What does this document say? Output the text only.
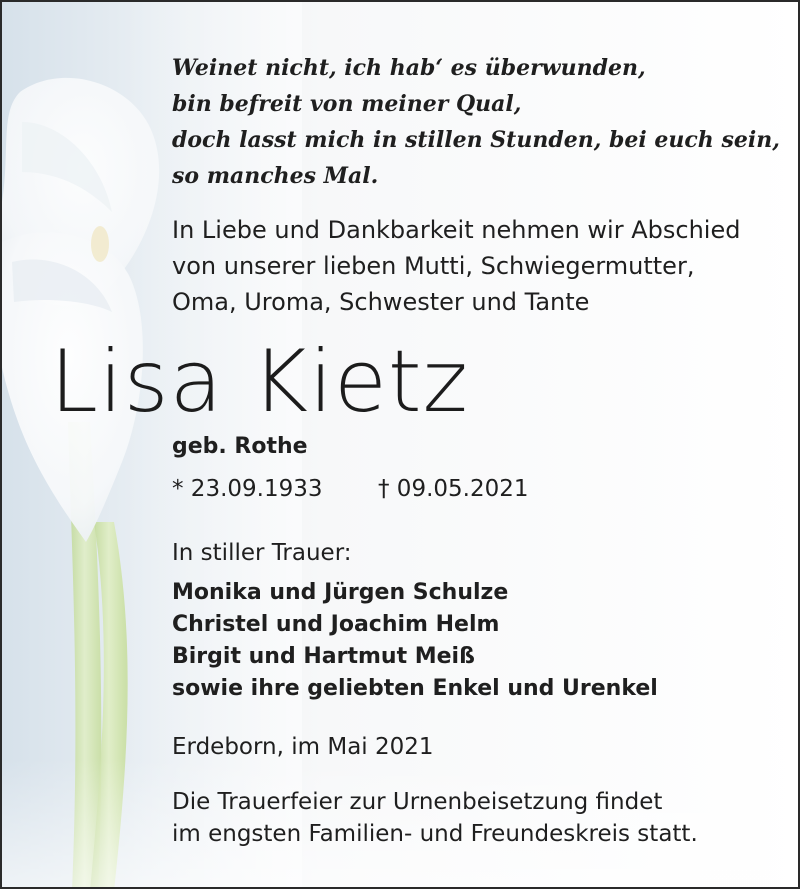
Weinet nicht, ich hab‘ es überwunden,
bin befreit von meiner Qual,
doch lasst mich in stillen Stunden, bei euch sein,
so manches Mal.
In Liebe und Dankbarkeit nehmen wir Abschied
von unserer lieben Mutti, Schwiegermutter,
Oma, Uroma, Schwester und Tante
Lisa Kietz
geb. Rothe
* 23.09.1933 † 09.05.2021
In stiller Trauer:
Monika und Jürgen Schulze
Christel und Joachim Helm
Birgit und Hartmut Meiß
sowie ihre geliebten Enkel und Urenkel
Erdeborn, im Mai 2021
Die Trauerfeier zur Urnenbeisetzung findet
im engsten Familien- und Freundeskreis statt.
